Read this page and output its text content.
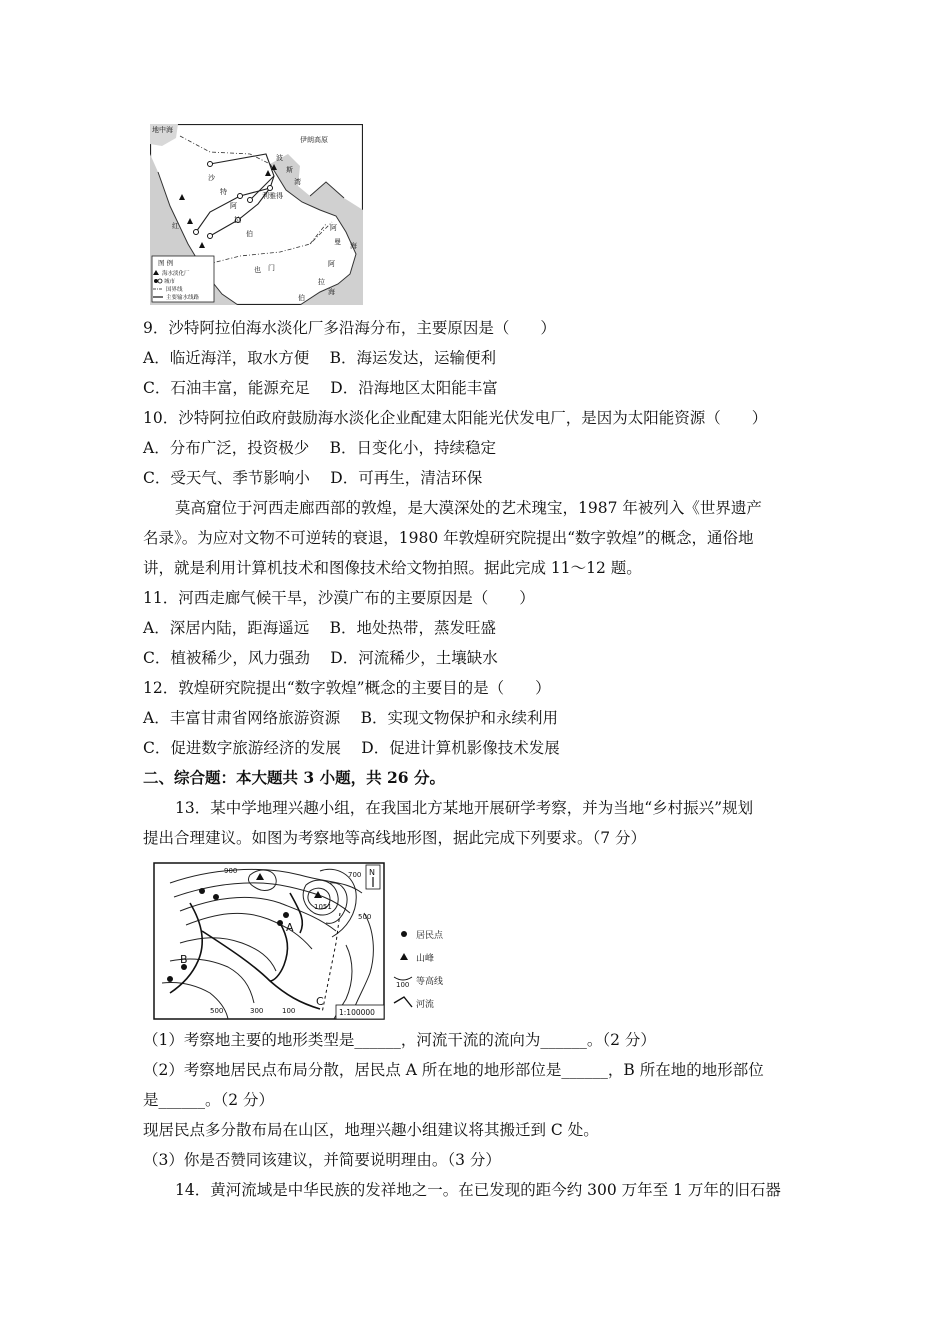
地中海
伊朗高原
波
斯
湾
利雅得
沙
特
阿
拉
伯
红	阿
曼 海
也 门	阿
拉
伯
海
图 例
海水淡化厂
城市
国界线
主要输水线路
9．沙特阿拉伯海水淡化厂多沿海分布，主要原因是（　　）
A．临近海洋，取水方便　 B．海运发达，运输便利
C．石油丰富，能源充足　 D．沿海地区太阳能丰富
10．沙特阿拉伯政府鼓励海水淡化企业配建太阳能光伏发电厂，是因为太阳能资源（　　）
A．分布广泛，投资极少　 B．日变化小，持续稳定
C．受天气、季节影响小　 D．可再生，清洁环保
莫高窟位于河西走廊西部的敦煌，是大漠深处的艺术瑰宝，1987 年被列入《世界遗产
名录》。为应对文物不可逆转的衰退，1980 年敦煌研究院提出“数字敦煌”的概念，通俗地
讲，就是利用计算机技术和图像技术给文物拍照。据此完成 11～12 题。
11．河西走廊气候干旱，沙漠广布的主要原因是（　　）
A．深居内陆，距海遥远　 B．地处热带，蒸发旺盛
C．植被稀少，风力强劲　 D．河流稀少，土壤缺水
12．敦煌研究院提出“数字敦煌”概念的主要目的是（　　）
A．丰富甘肃省网络旅游资源　 B．实现文物保护和永续利用
C．促进数字旅游经济的发展　 D．促进计算机影像技术发展
二、综合题：本大题共 3 小题，共 26 分。
13．某中学地理兴趣小组，在我国北方某地开展研学考察，并为当地“乡村振兴”规划
提出合理建议。如图为考察地等高线地形图，据此完成下列要求。（7 分）
900
1051
700
500
500	300	100
A
B
C
N
1:100000
居民点
山峰
100 等高线
河流
（1）考察地主要的地形类型是______，河流干流的流向为______。（2 分）
（2）考察地居民点布局分散，居民点 A 所在地的地形部位是______，B 所在地的地形部位
是______。（2 分）
现居民点多分散布局在山区，地理兴趣小组建议将其搬迁到 C 处。
（3）你是否赞同该建议，并简要说明理由。（3 分）
14．黄河流域是中华民族的发祥地之一。在已发现的距今约 300 万年至 1 万年的旧石器
